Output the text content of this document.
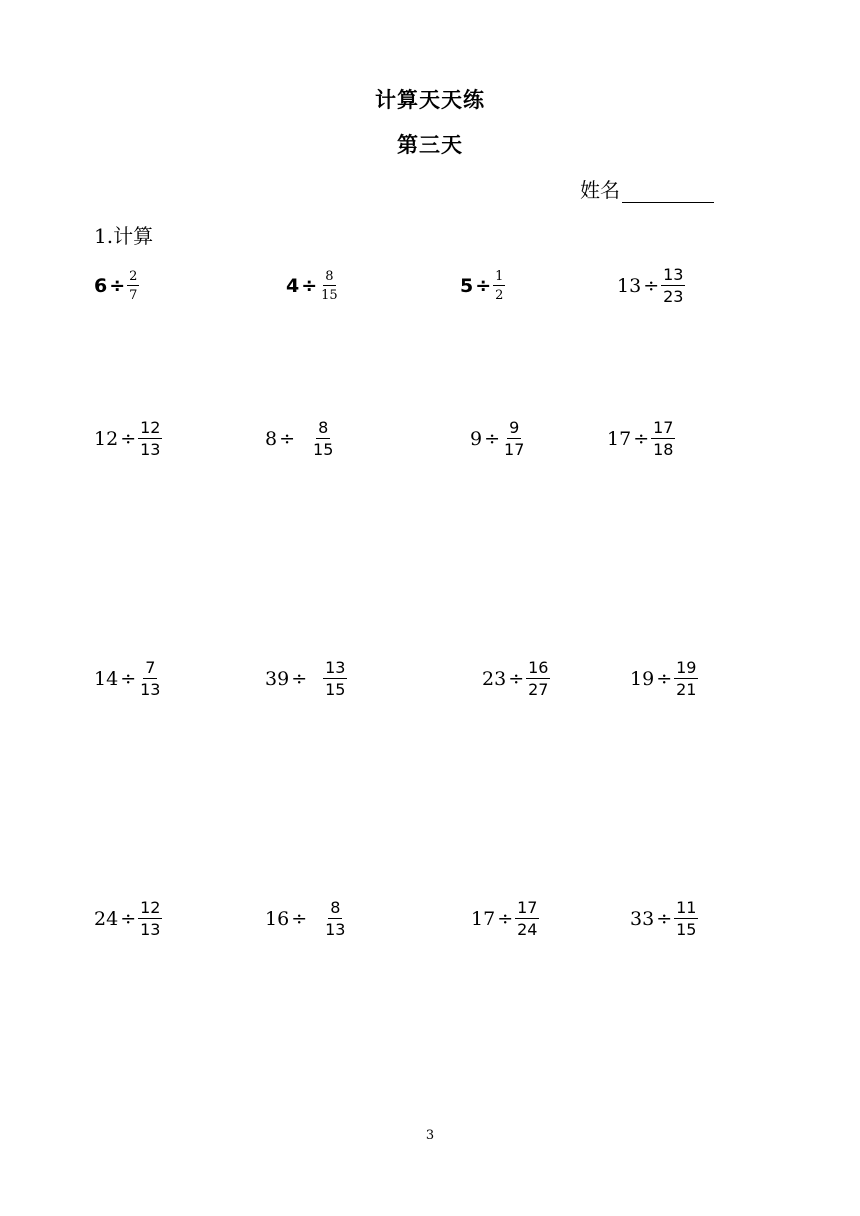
计算天天练
第三天
姓名
1.计算
$6 \div \frac{2}{7}$	$4 \div \frac{8}{15}$	$5 \div \frac{1}{2}$	$13 \div \frac{13}{23}$
$12 \div \frac{12}{13}$	$8 \div \frac{8}{15}$	$9 \div \frac{9}{17}$	$17 \div \frac{17}{18}$
$14 \div \frac{7}{13}$	$39 \div \frac{13}{15}$	$23 \div \frac{16}{27}$	$19 \div \frac{19}{21}$
$24 \div \frac{12}{13}$	$16 \div \frac{8}{13}$	$17 \div \frac{17}{24}$	$33 \div \frac{11}{15}$
3
